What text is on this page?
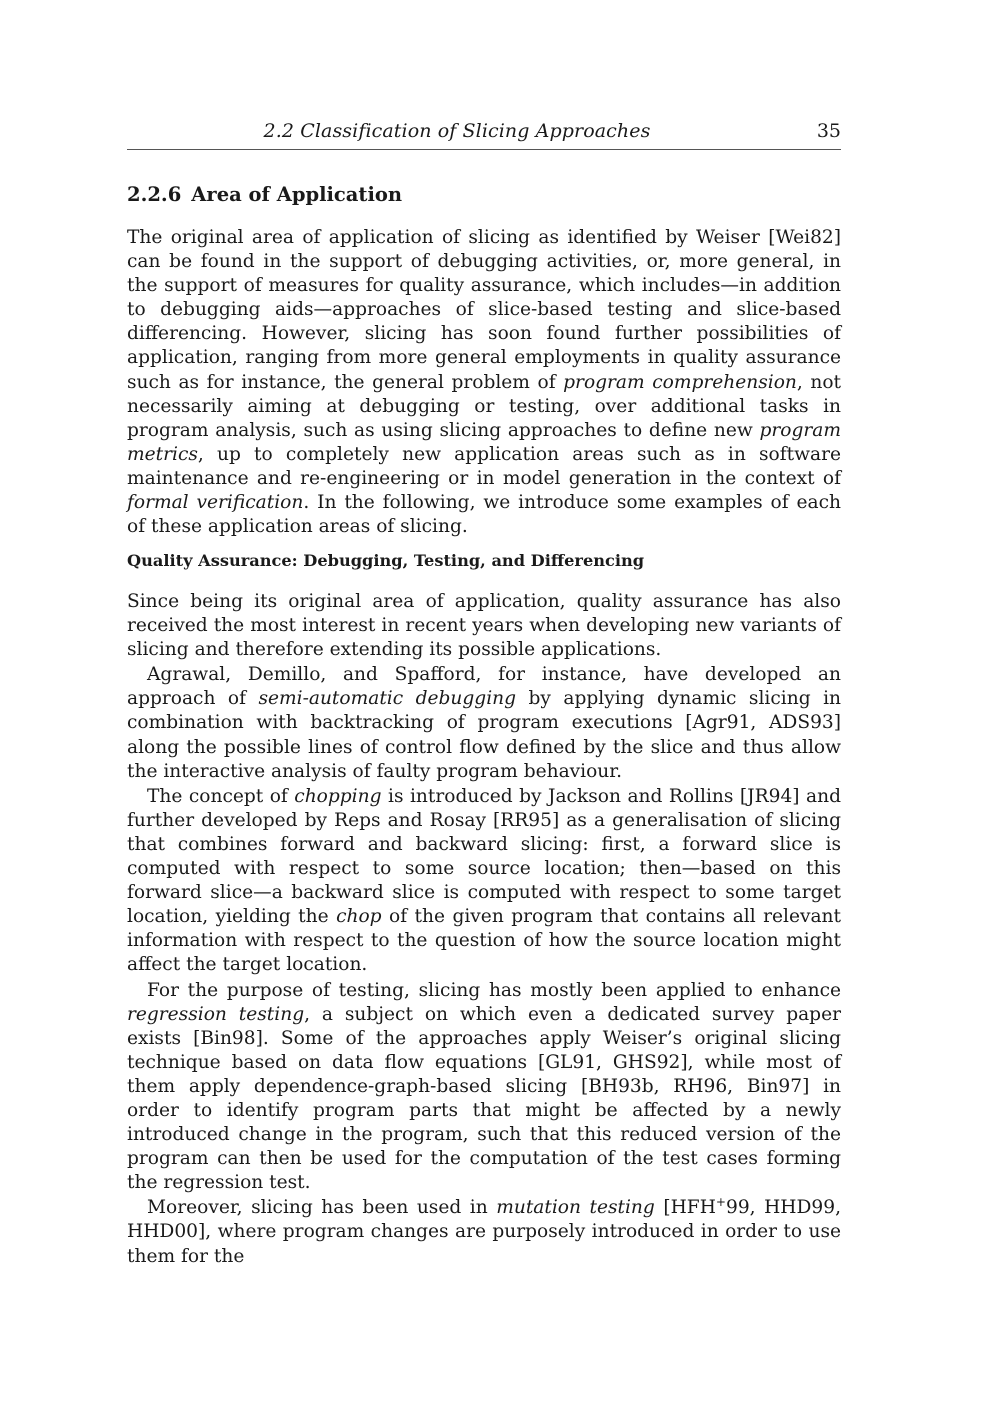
2.2 Classification of Slicing Approaches	35
2.2.6 Area of Application

The original area of application of slicing as identified by Weiser [Wei82] can be found in the support of debugging activities, or, more general, in the support of measures for quality assurance, which includes—in addition to debugging aids—approaches of slice-based testing and slice-based differencing. However, slicing has soon found further possibilities of application, ranging from more general employments in quality assurance such as for instance, the general problem of program comprehension, not necessarily aiming at debugging or testing, over additional tasks in program analysis, such as using slicing approaches to define new program metrics, up to completely new application areas such as in software maintenance and re-engineering or in model generation in the context of formal verification. In the following, we introduce some examples of each of these application areas of slicing.

Quality Assurance: Debugging, Testing, and Differencing

Since being its original area of application, quality assurance has also received the most interest in recent years when developing new variants of slicing and therefore extending its possible applications.

Agrawal, Demillo, and Spafford, for instance, have developed an approach of semi-automatic debugging by applying dynamic slicing in combination with backtracking of program executions [Agr91, ADS93] along the possible lines of control flow defined by the slice and thus allow the interactive analysis of faulty program behaviour.

The concept of chopping is introduced by Jackson and Rollins [JR94] and further developed by Reps and Rosay [RR95] as a generalisation of slicing that combines forward and backward slicing: first, a forward slice is computed with respect to some source location; then—based on this forward slice—a backward slice is computed with respect to some target location, yielding the chop of the given program that contains all relevant information with respect to the question of how the source location might affect the target location.

For the purpose of testing, slicing has mostly been applied to enhance regression testing, a subject on which even a dedicated survey paper exists [Bin98]. Some of the approaches apply Weiser’s original slicing technique based on data flow equations [GL91, GHS92], while most of them apply dependence-graph-based slicing [BH93b, RH96, Bin97] in order to identify program parts that might be affected by a newly introduced change in the program, such that this reduced version of the program can then be used for the computation of the test cases forming the regression test.

Moreover, slicing has been used in mutation testing [HFH+99, HHD99, HHD00], where program changes are purposely introduced in order to use them for the
